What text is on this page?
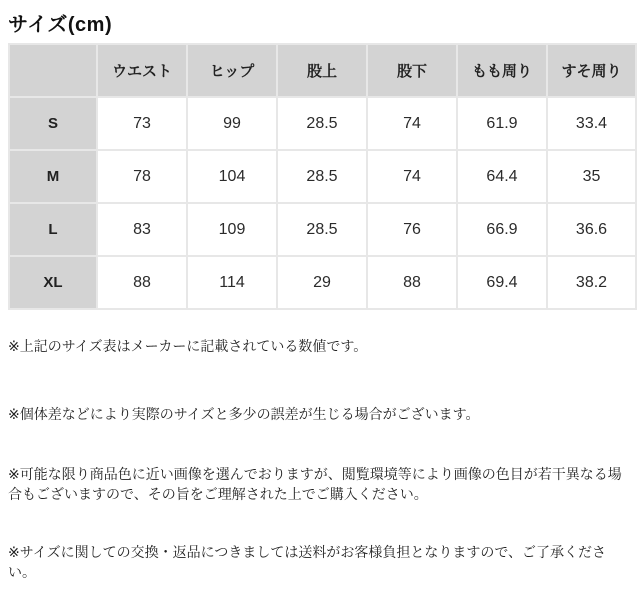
サイズ(cm)
	ウエスト	ヒップ	股上	股下	もも周り	すそ周り
S	73	99	28.5	74	61.9	33.4
M	78	104	28.5	74	64.4	35
L	83	109	28.5	76	66.9	36.6
XL	88	114	29	88	69.4	38.2
※上記のサイズ表はメーカーに記載されている数値です。
※個体差などにより実際のサイズと多少の誤差が生じる場合がございます。
※可能な限り商品色に近い画像を選んでおりますが、閲覧環境等により画像の色目が若干異なる場合もございますので、その旨をご理解された上でご購入ください。
※サイズに関しての交換・返品につきましては送料がお客様負担となりますので、ご了承ください。
